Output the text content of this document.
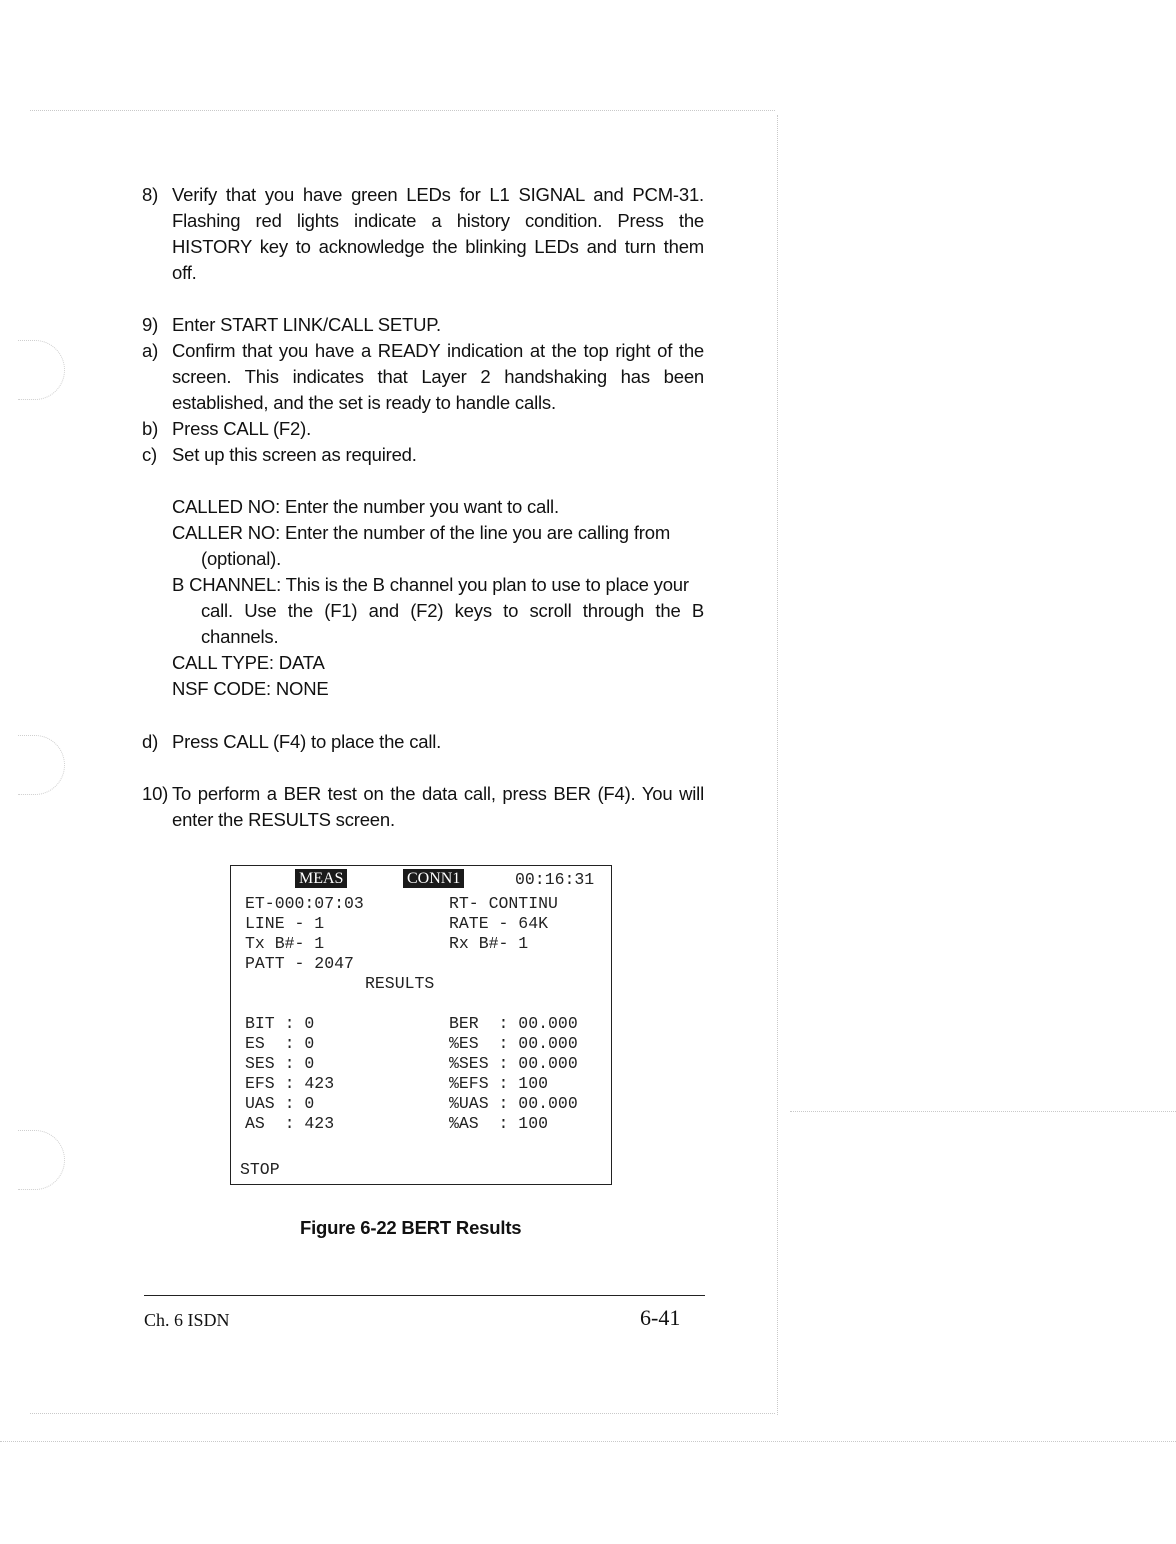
8) Verify that you have green LEDs for L1 SIGNAL and PCM-31. Flashing red lights indicate a history condition. Press the HISTORY key to acknowledge the blinking LEDs and turn them off.
9) Enter START LINK/CALL SETUP.
a) Confirm that you have a READY indication at the top right of the screen. This indicates that Layer 2 handshaking has been established, and the set is ready to handle calls.
b) Press CALL (F2).
c) Set up this screen as required.
CALLED NO: Enter the number you want to call.
CALLER NO: Enter the number of the line you are calling from
(optional).
B CHANNEL: This is the B channel you plan to use to place your
call. Use the (F1) and (F2) keys to scroll through the B channels.
CALL TYPE: DATA
NSF CODE: NONE
d) Press CALL (F4) to place the call.
10) To perform a BER test on the data call, press BER (F4). You will enter the RESULTS screen.
MEAS	CONN1	00:16:31
ET-000:07:03	RT- CONTINU
LINE - 1	RATE - 64K
Tx B#- 1	Rx B#- 1
PATT - 2047
RESULTS
BIT : 0	BER  : 00.000
ES  : 0	%ES  : 00.000
SES : 0	%SES : 00.000
EFS : 423	%EFS : 100
UAS : 0	%UAS : 00.000
AS  : 423	%AS  : 100
STOP
Figure 6-22 BERT Results
Ch. 6 ISDN	6-41
